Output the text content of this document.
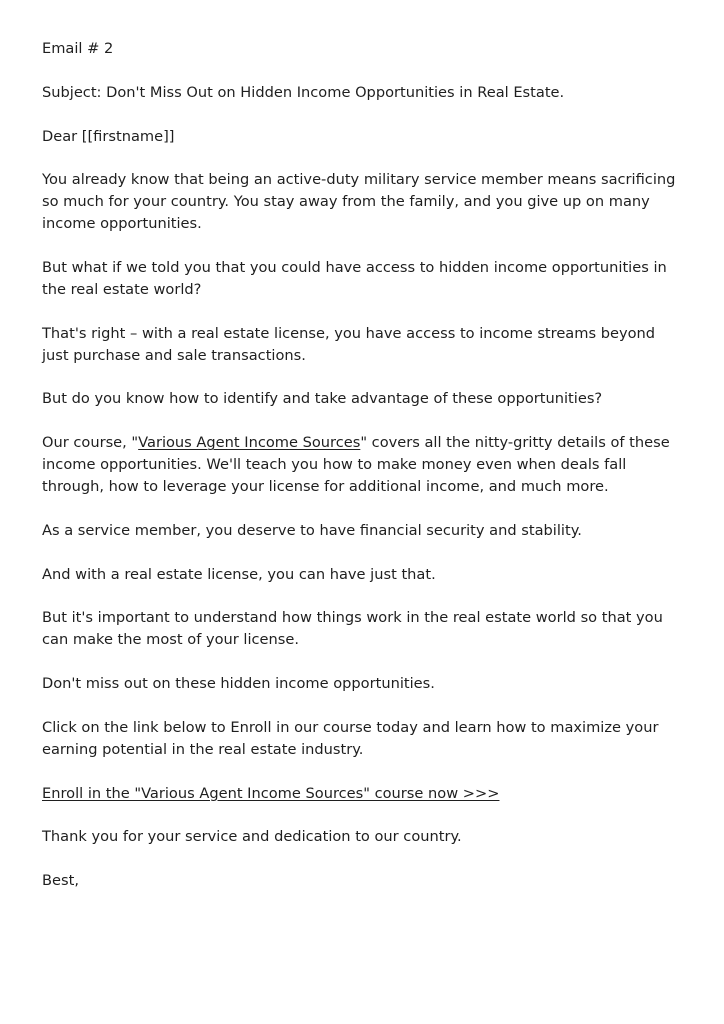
Email # 2

Subject: Don't Miss Out on Hidden Income Opportunities in Real Estate.

Dear [[firstname]]

You already know that being an active-duty military service member means sacrificing so much for your country. You stay away from the family, and you give up on many income opportunities.

But what if we told you that you could have access to hidden income opportunities in the real estate world?

That's right – with a real estate license, you have access to income streams beyond just purchase and sale transactions.

But do you know how to identify and take advantage of these opportunities?

Our course, "Various Agent Income Sources" covers all the nitty-gritty details of these income opportunities. We'll teach you how to make money even when deals fall through, how to leverage your license for additional income, and much more.

As a service member, you deserve to have financial security and stability.

And with a real estate license, you can have just that.

But it's important to understand how things work in the real estate world so that you can make the most of your license.

Don't miss out on these hidden income opportunities.

Click on the link below to Enroll in our course today and learn how to maximize your earning potential in the real estate industry.

Enroll in the "Various Agent Income Sources" course now >>>

Thank you for your service and dedication to our country.

Best,
